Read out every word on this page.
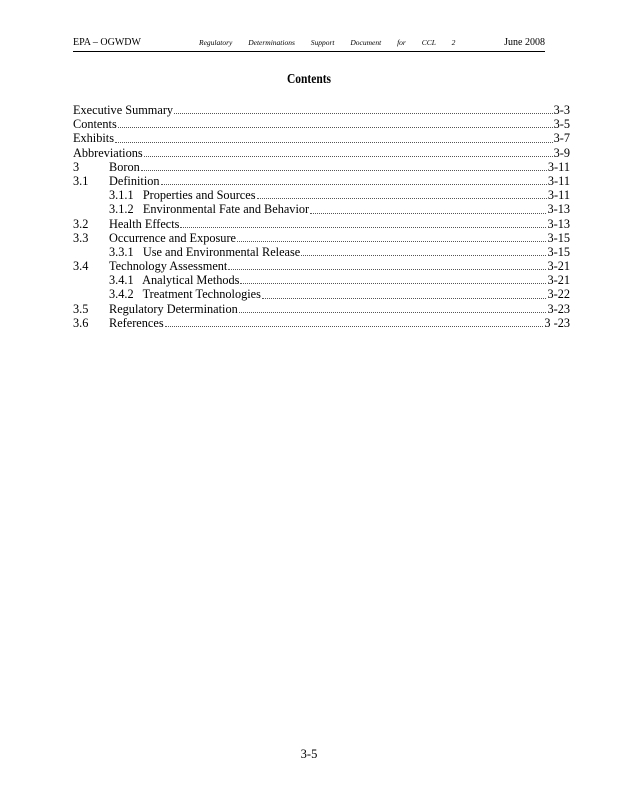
EPA – OGWDW	Regulatory Determinations Support Document for CCL 2	June 2008
Contents
Executive Summary	3-3
Contents	3-5
Exhibits	3-7
Abbreviations	3-9
3 Boron	3-11
3.1 Definition	3-11
3.1.1   Properties and Sources	3-11
3.1.2   Environmental Fate and Behavior	3-13
3.2 Health Effects	3-13
3.3 Occurrence and Exposure	3-15
3.3.1   Use and Environmental Release	3-15
3.4 Technology Assessment	3-21
3.4.1   Analytical Methods	3-21
3.4.2   Treatment Technologies	3-22
3.5 Regulatory Determination	3-23
3.6 References	3 -23
3-5
